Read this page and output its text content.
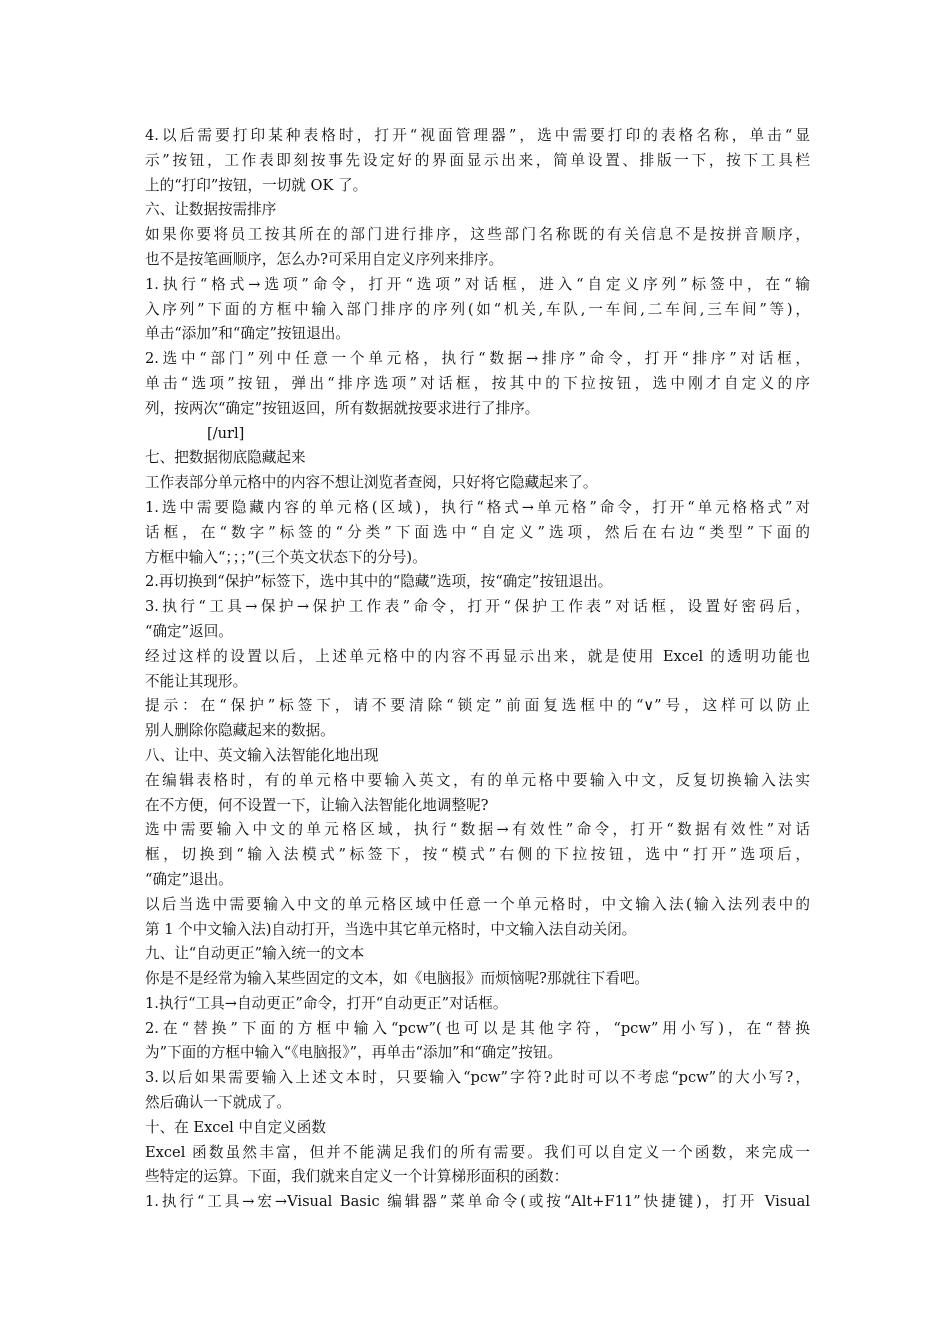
4.以后需要打印某种表格时，打开“视面管理器”，选中需要打印的表格名称，单击“显
示”按钮，工作表即刻按事先设定好的界面显示出来，简单设置、排版一下，按下工具栏
上的“打印”按钮，一切就 OK 了。
六、让数据按需排序
如果你要将员工按其所在的部门进行排序，这些部门名称既的有关信息不是按拼音顺序，
也不是按笔画顺序，怎么办?可采用自定义序列来排序。
1.执行“格式→选项”命令，打开“选项”对话框，进入“自定义序列”标签中，在“输
入序列”下面的方框中输入部门排序的序列(如“机关,车队,一车间,二车间,三车间”等)，
单击“添加”和“确定”按钮退出。
2.选中“部门”列中任意一个单元格，执行“数据→排序”命令，打开“排序”对话框，
单击“选项”按钮，弹出“排序选项”对话框，按其中的下拉按钮，选中刚才自定义的序
列，按两次“确定”按钮返回，所有数据就按要求进行了排序。
[/url]
七、把数据彻底隐藏起来
工作表部分单元格中的内容不想让浏览者查阅，只好将它隐藏起来了。
1.选中需要隐藏内容的单元格(区域)，执行“格式→单元格”命令，打开“单元格格式”对
话框，在“数字”标签的“分类”下面选中“自定义”选项，然后在右边“类型”下面的
方框中输入“；；；”(三个英文状态下的分号)。
2.再切换到“保护”标签下，选中其中的“隐藏”选项，按“确定”按钮退出。
3.执行“工具→保护→保护工作表”命令，打开“保护工作表”对话框，设置好密码后，
“确定”返回。
经过这样的设置以后，上述单元格中的内容不再显示出来，就是使用 Excel 的透明功能也
不能让其现形。
提示：在“保护”标签下，请不要清除“锁定”前面复选框中的“∨”号，这样可以防止
别人删除你隐藏起来的数据。
八、让中、英文输入法智能化地出现
在编辑表格时，有的单元格中要输入英文，有的单元格中要输入中文，反复切换输入法实
在不方便，何不设置一下，让输入法智能化地调整呢?
选中需要输入中文的单元格区域，执行“数据→有效性”命令，打开“数据有效性”对话
框，切换到“输入法模式”标签下，按“模式”右侧的下拉按钮，选中“打开”选项后，
“确定”退出。
以后当选中需要输入中文的单元格区域中任意一个单元格时，中文输入法(输入法列表中的
第 1 个中文输入法)自动打开，当选中其它单元格时，中文输入法自动关闭。
九、让“自动更正”输入统一的文本
你是不是经常为输入某些固定的文本，如《电脑报》而烦恼呢?那就往下看吧。
1.执行“工具→自动更正”命令，打开“自动更正”对话框。
2.在“替换”下面的方框中输入“pcw”(也可以是其他字符，“pcw”用小写)，在“替换
为”下面的方框中输入“《电脑报》”，再单击“添加”和“确定”按钮。
3.以后如果需要输入上述文本时，只要输入“pcw”字符?此时可以不考虑“pcw”的大小写?，
然后确认一下就成了。
十、在 Excel 中自定义函数
Excel 函数虽然丰富，但并不能满足我们的所有需要。我们可以自定义一个函数，来完成一
些特定的运算。下面，我们就来自定义一个计算梯形面积的函数：
1.执行“工具→宏→Visual Basic 编辑器”菜单命令(或按“Alt+F11”快捷键)，打开 Visual
